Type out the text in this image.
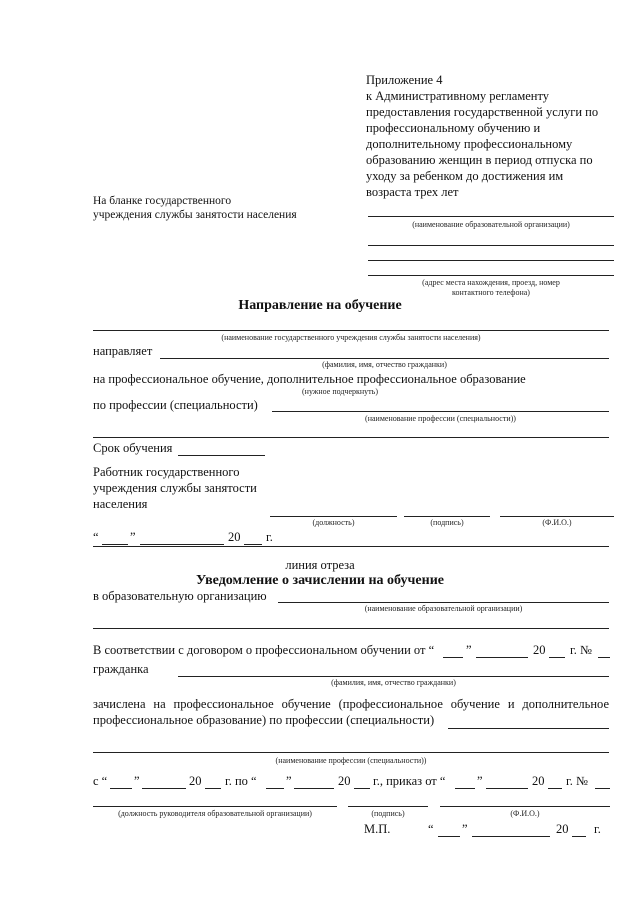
Приложение 4
к Административному регламенту
предоставления государственной услуги по
профессиональному обучению и
дополнительному профессиональному
образованию женщин в период отпуска по
уходу за ребенком до достижения им
возраста трех лет
На бланке государственного
учреждения службы занятости населения
(наименование образовательной организации)
(адрес места нахождения, проезд, номер
контактного телефона)
Направление на обучение
(наименование государственного учреждения службы занятости населения)
направляет
(фамилия, имя, отчество гражданки)
на профессиональное обучение, дополнительное профессиональное образование
(нужное подчеркнуть)
по профессии (специальности)
(наименование профессии (специальности))
Срок обучения
Работник государственного
учреждения службы занятости
населения
(должность)	(подпись)	(Ф.И.О.)
“	”	20 г.
линия отреза
Уведомление о зачислении на обучение
в образовательную организацию
(наименование образовательной организации)
В соответствии с договором о профессиональном обучении от “	”	20 г. №
гражданка
(фамилия, имя, отчество гражданки)
зачислена на профессиональное обучение (профессиональное обучение и дополнительное
профессиональное образование) по профессии (специальности)
(наименование профессии (специальности))
с “ ”	20 г. по “ ”	20 г., приказ от “	”	20 г. №
(должность руководителя образовательной организации)	(подпись)	(Ф.И.О.)
М.П.	“ ”	20 г.
